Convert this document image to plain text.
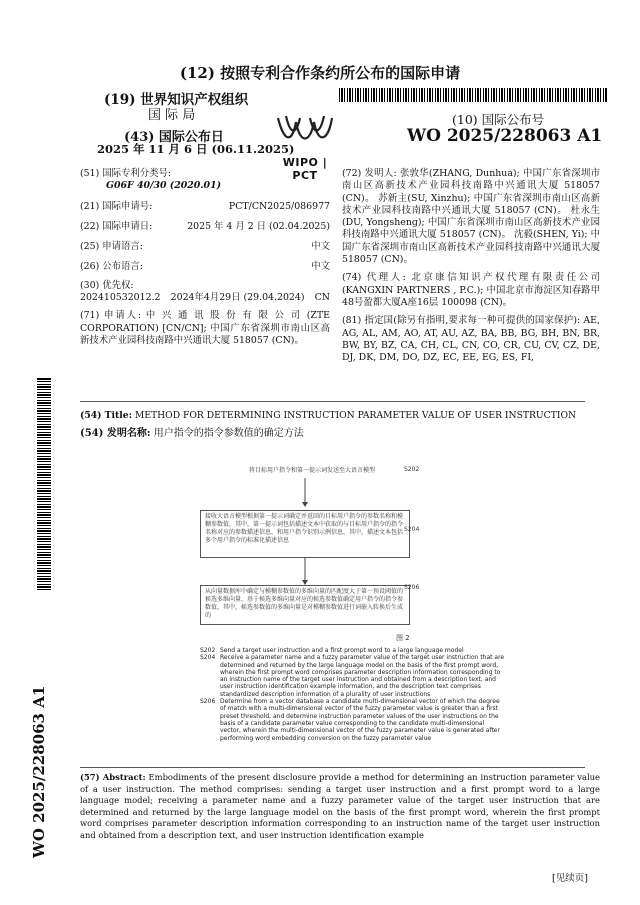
(12) 按照专利合作条约所公布的国际申请
(19) 世界知识产权组织
国 际 局
(43) 国际公布日
2025 年 11 月 6 日 (06.11.2025)
WIPO | PCT
(10) 国际公布号
WO 2025/228063 A1
(51) 国际专利分类号:
G06F 40/30 (2020.01)
(21) 国际申请号:	PCT/CN2025/086977
(22) 国际申请日:	2025 年 4 月 2 日 (02.04.2025)
(25) 申请语言:	中文
(26) 公布语言:	中文
(30) 优先权:
202410532012.2 2024年4月29日 (29.04.2024) CN
(71) 申请人: 中 兴 通 讯 股 份 有 限 公 司 (ZTE CORPORATION) [CN/CN]; 中国广东省深圳市南山区高新技术产业园科技南路中兴通讯大厦 518057 (CN)。
(72) 发明人: 张敦华(ZHANG, Dunhua); 中国广东省深圳市南山区高新技术产业园科技南路中兴通讯大厦 518057 (CN)。 苏新主(SU, Xinzhu); 中国广东省深圳市南山区高新技术产业园科技南路中兴通讯大厦 518057 (CN)。 杜永生(DU, Yongsheng); 中国广东省深圳市南山区高新技术产业园科技南路中兴通讯大厦 518057 (CN)。 沈毅(SHEN, Yi); 中国广东省深圳市南山区高新技术产业园科技南路中兴通讯大厦 518057 (CN)。
(74) 代理人: 北京康信知识产权代理有限责任公司 (KANGXIN PARTNERS , P.C.); 中国北京市海淀区知春路甲48号盈都大厦A座16层 100098 (CN)。
(81) 指定国(除另有指明,要求每一种可提供的国家保护): AE, AG, AL, AM, AO, AT, AU, AZ, BA, BB, BG, BH, BN, BR, BW, BY, BZ, CA, CH, CL, CN, CO, CR, CU, CV, CZ, DE, DJ, DK, DM, DO, DZ, EC, EE, EG, ES, FI,
WO 2025/228063 A1
(54) Title: METHOD FOR DETERMINING INSTRUCTION PARAMETER VALUE OF USER INSTRUCTION
(54) 发明名称: 用户指令的指令参数值的确定方法
将目标用户指令和第一提示词发送至大语言模型	S202
接收大语言模型根据第一提示词确定并返回的目标用户指令的参数名称和模糊参数值，其中，第一提示词包括描述文本中获取的与目标用户指令的指令名称对应的参数描述信息，和用户指令识别示例信息，其中，描述文本包括多个用户指令的标准化描述信息
S204
从向量数据库中确定与模糊参数值的多维向量的匹配度大于第一预设阈值的候选多维向量，基于候选多维向量对应的候选参数值确定用户指令的指令参数值，其中，候选参数值的多维向量是对模糊参数值进行词嵌入转换后生成的
S206
图 2
S202 Send a target user instruction and a first prompt word to a large language model
S204 Receive a parameter name and a fuzzy parameter value of the target user instruction that are determined and returned by the large language model on the basis of the first prompt word, wherein the first prompt word comprises parameter description information corresponding to an instruction name of the target user instruction and obtained from a description text, and user instruction identification example information, and the description text comprises standardized description information of a plurality of user instructions
S206 Determine from a vector database a candidate multi-dimensional vector of which the degree of match with a multi-dimensional vector of the fuzzy parameter value is greater than a first preset threshold, and determine instruction parameter values of the user instructions on the basis of a candidate parameter value corresponding to the candidate multi-dimensional vector, wherein the multi-dimensional vector of the fuzzy parameter value is generated after performing word embedding conversion on the fuzzy parameter value
(57) Abstract: Embodiments of the present disclosure provide a method for determining an instruction parameter value of a user instruction. The method comprises: sending a target user instruction and a first prompt word to a large language model; receiving a parameter name and a fuzzy parameter value of the target user instruction that are determined and returned by the large language model on the basis of the first prompt word, wherein the first prompt word comprises parameter description information corresponding to an instruction name of the target user instruction and obtained from a description text, and user instruction identification example
[见续页]
